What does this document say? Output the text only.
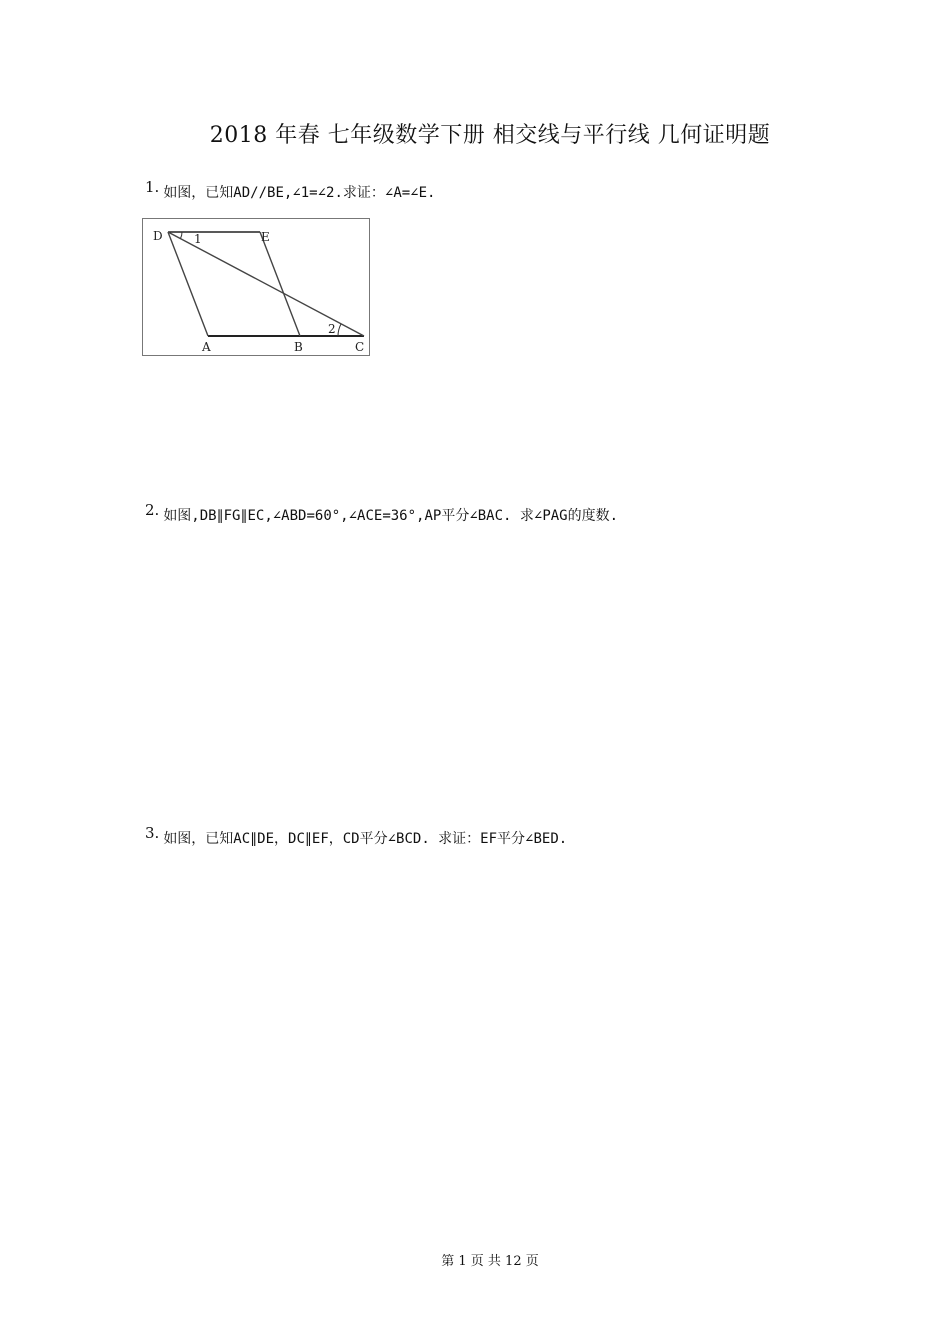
2018 年春 七年级数学下册 相交线与平行线 几何证明题
1. 如图，已知AD//BE,∠1=∠2.求证：∠A=∠E.
D	E
1
2
A	B	C
2. 如图,DB∥FG∥EC,∠ABD=60°,∠ACE=36°,AP平分∠BAC. 求∠PAG的度数.
3. 如图，已知AC∥DE，DC∥EF，CD平分∠BCD. 求证：EF平分∠BED.
第 1 页 共 12 页
